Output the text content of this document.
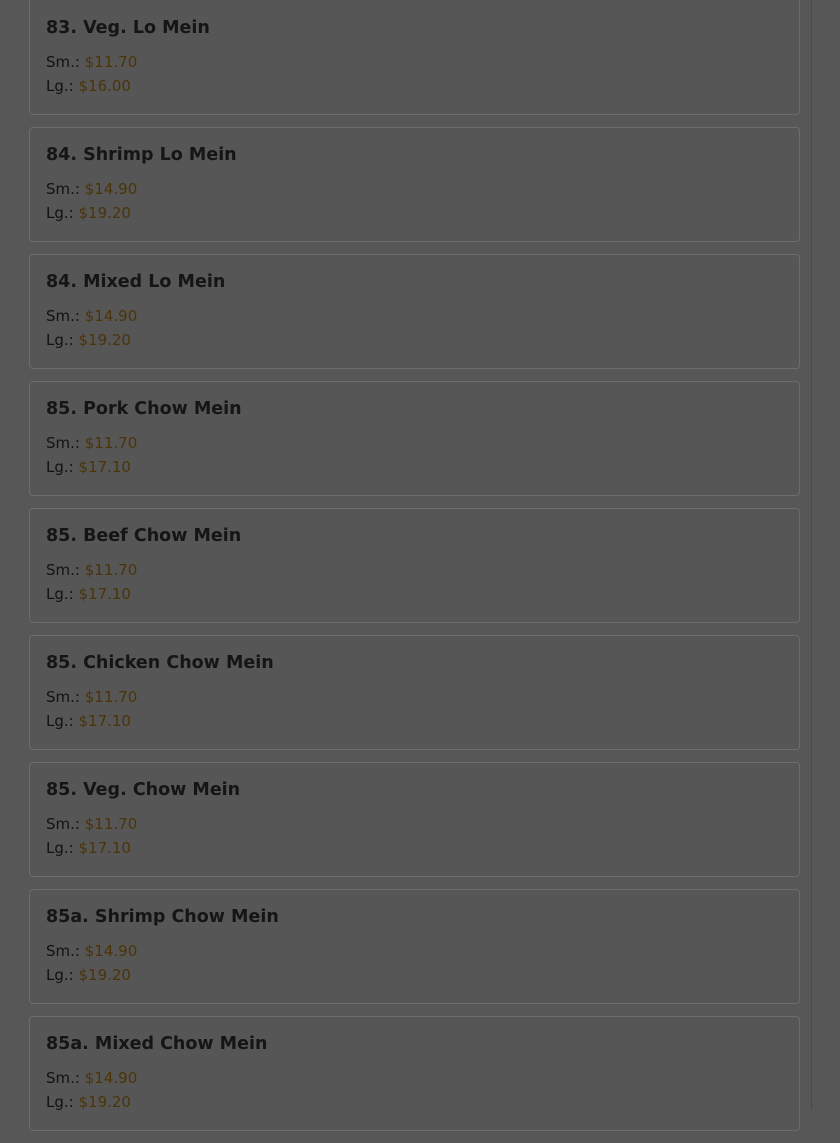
83. Veg. Lo Mein
Sm.: $11.70
Lg.: $16.00
84. Shrimp Lo Mein
Sm.: $14.90
Lg.: $19.20
84. Mixed Lo Mein
Sm.: $14.90
Lg.: $19.20
85. Pork Chow Mein
Sm.: $11.70
Lg.: $17.10
85. Beef Chow Mein
Sm.: $11.70
Lg.: $17.10
85. Chicken Chow Mein
Sm.: $11.70
Lg.: $17.10
85. Veg. Chow Mein
Sm.: $11.70
Lg.: $17.10
85a. Shrimp Chow Mein
Sm.: $14.90
Lg.: $19.20
85a. Mixed Chow Mein
Sm.: $14.90
Lg.: $19.20
